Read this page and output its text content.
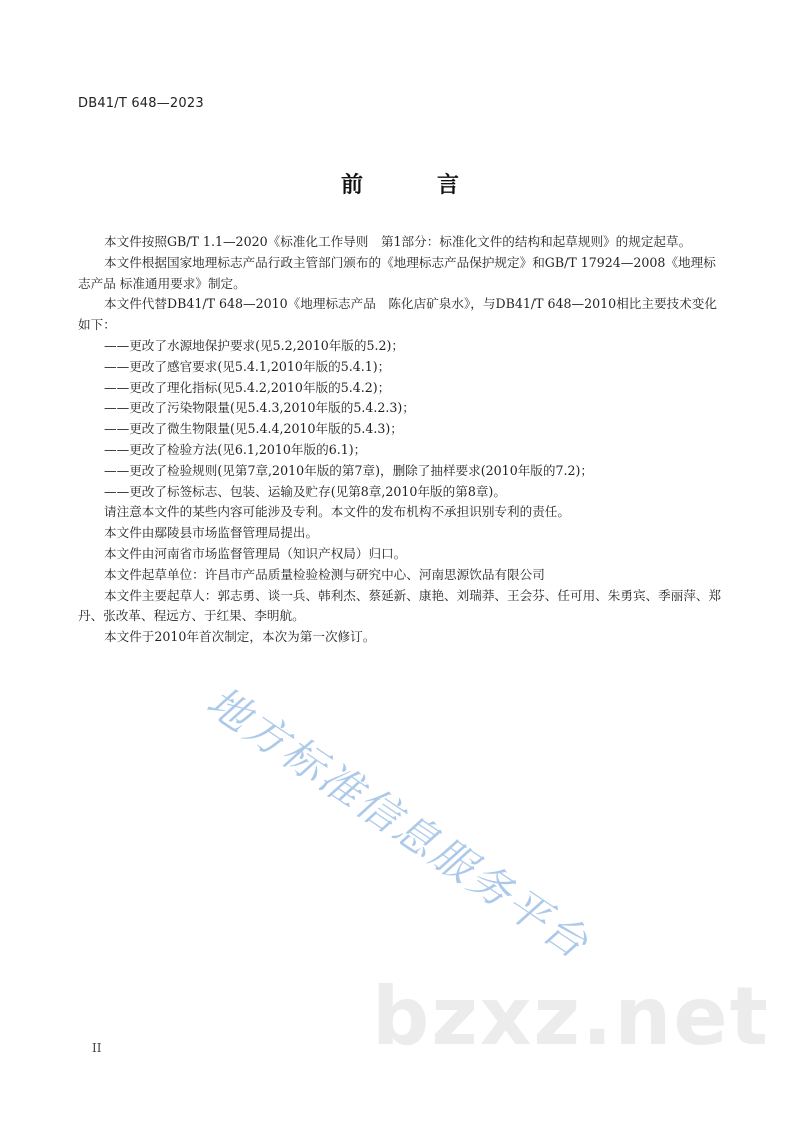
DB41/T 648—2023
前　言

本文件按照GB/T 1.1—2020《标准化工作导则　第1部分：标准化文件的结构和起草规则》的规定起草。

本文件根据国家地理标志产品行政主管部门颁布的《地理标志产品保护规定》和GB/T 17924—2008《地理标志产品 标准通用要求》制定。

本文件代替DB41/T 648—2010《地理标志产品　陈化店矿泉水》，与DB41/T 648—2010相比主要技术变化如下：

——更改了水源地保护要求(见5.2,2010年版的5.2)；
——更改了感官要求(见5.4.1,2010年版的5.4.1)；
——更改了理化指标(见5.4.2,2010年版的5.4.2)；
——更改了污染物限量(见5.4.3,2010年版的5.4.2.3)；
——更改了微生物限量(见5.4.4,2010年版的5.4.3)；
——更改了检验方法(见6.1,2010年版的6.1)；
——更改了检验规则(见第7章,2010年版的第7章)，删除了抽样要求(2010年版的7.2)；
——更改了标签标志、包装、运输及贮存(见第8章,2010年版的第8章)。

请注意本文件的某些内容可能涉及专利。本文件的发布机构不承担识别专利的责任。

本文件由鄢陵县市场监督管理局提出。

本文件由河南省市场监督管理局（知识产权局）归口。

本文件起草单位：许昌市产品质量检验检测与研究中心、河南思源饮品有限公司

本文件主要起草人：郭志勇、谈一兵、韩利杰、蔡延新、康艳、刘瑞莽、王会芬、任可用、朱勇宾、季丽萍、郑丹、张改革、程远方、于红果、李明航。

本文件于2010年首次制定，本次为第一次修订。

地方标准信息服务平台
bzxz.net
II
